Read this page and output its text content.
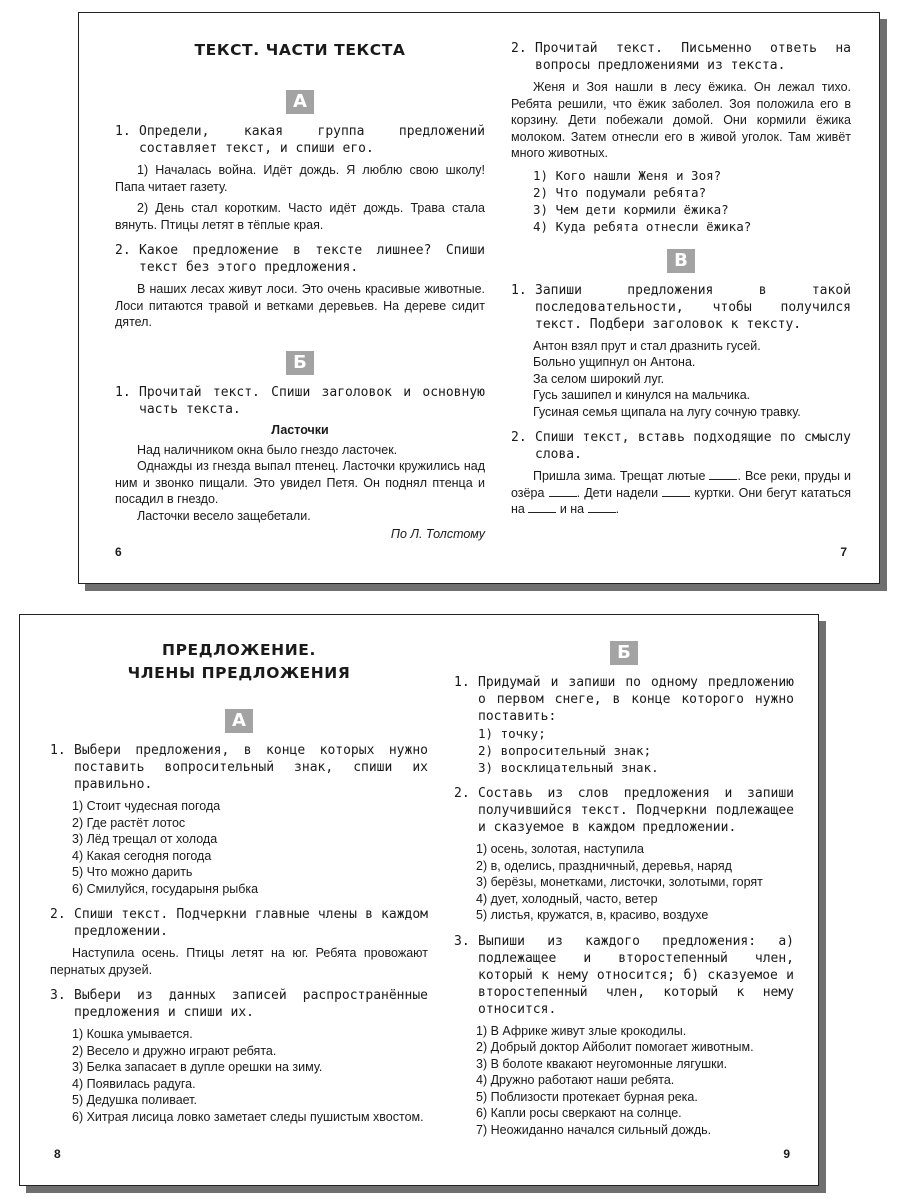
ТЕКСТ. ЧАСТИ ТЕКСТА
А
1. Определи, какая группа предложений составляет текст, и спиши его.

1) Началась война. Идёт дождь. Я люблю свою школу! Папа читает газету.

2) День стал коротким. Часто идёт дождь. Трава стала вянуть. Птицы летят в тёплые края.

2. Какое предложение в тексте лишнее? Спиши текст без этого предложения.

В наших лесах живут лоси. Это очень красивые животные. Лоси питаются травой и ветками деревьев. На дереве сидит дятел.

Б
1. Прочитай текст. Спиши заголовок и основную часть текста.
Ласточки

Над наличником окна было гнездо ласточек.

Однажды из гнезда выпал птенец. Ласточки кружились над ним и звонко пищали. Это увидел Петя. Он поднял птенца и посадил в гнездо.

Ласточки весело защебетали.

По Л. Толстому
6
2. Прочитай текст. Письменно ответь на вопросы предложениями из текста.

Женя и Зоя нашли в лесу ёжика. Он лежал тихо. Ребята решили, что ёжик заболел. Зоя положила его в корзину. Дети побежали домой. Они кормили ёжика молоком. Затем отнесли его в живой уголок. Там живёт много животных.

1) Кого нашли Женя и Зоя?
2) Что подумали ребята?
3) Чем дети кормили ёжика?
4) Куда ребята отнесли ёжика?
В
1. Запиши предложения в такой последовательности, чтобы получился текст. Подбери заголовок к тексту.
Антон взял прут и стал дразнить гусей.
Больно ущипнул он Антона.
За селом широкий луг.
Гусь зашипел и кинулся на мальчика.
Гусиная семья щипала на лугу сочную травку.
2. Спиши текст, вставь подходящие по смыслу слова.

Пришла зима. Трещат лютые	. Все реки, пруды и озёра	. Дети надели	куртки. Они бегут кататься на	и на	.

7
ПРЕДЛОЖЕНИЕ.
ЧЛЕНЫ ПРЕДЛОЖЕНИЯ
А
1. Выбери предложения, в конце которых нужно поставить вопросительный знак, спиши их правильно.
1) Стоит чудесная погода
2) Где растёт лотос
3) Лёд трещал от холода
4) Какая сегодня погода
5) Что можно дарить
6) Смилуйся, государыня рыбка
2. Спиши текст. Подчеркни главные члены в каждом предложении.

Наступила осень. Птицы летят на юг. Ребята провожают пернатых друзей.

3. Выбери из данных записей распространённые предложения и спиши их.
1) Кошка умывается.
2) Весело и дружно играют ребята.
3) Белка запасает в дупле орешки на зиму.
4) Появилась радуга.
5) Дедушка поливает.
6) Хитрая лисица ловко заметает следы пушистым хвостом.
8
Б
1. Придумай и запиши по одному предложению о первом снеге, в конце которого нужно поставить:
1) точку;
2) вопросительный знак;
3) восклицательный знак.
2. Составь из слов предложения и запиши получившийся текст. Подчеркни подлежащее и сказуемое в каждом предложении.
1) осень, золотая, наступила
2) в, оделись, праздничный, деревья, наряд
3) берёзы, монетками, листочки, золотыми, горят
4) дует, холодный, часто, ветер
5) листья, кружатся, в, красиво, воздухе
3. Выпиши из каждого предложения: а) подлежащее и второстепенный член, который к нему относится; б) сказуемое и второстепенный член, который к нему относится.
1) В Африке живут злые крокодилы.
2) Добрый доктор Айболит помогает животным.
3) В болоте квакают неугомонные лягушки.
4) Дружно работают наши ребята.
5) Поблизости протекает бурная река.
6) Капли росы сверкают на солнце.
7) Неожиданно начался сильный дождь.
9
